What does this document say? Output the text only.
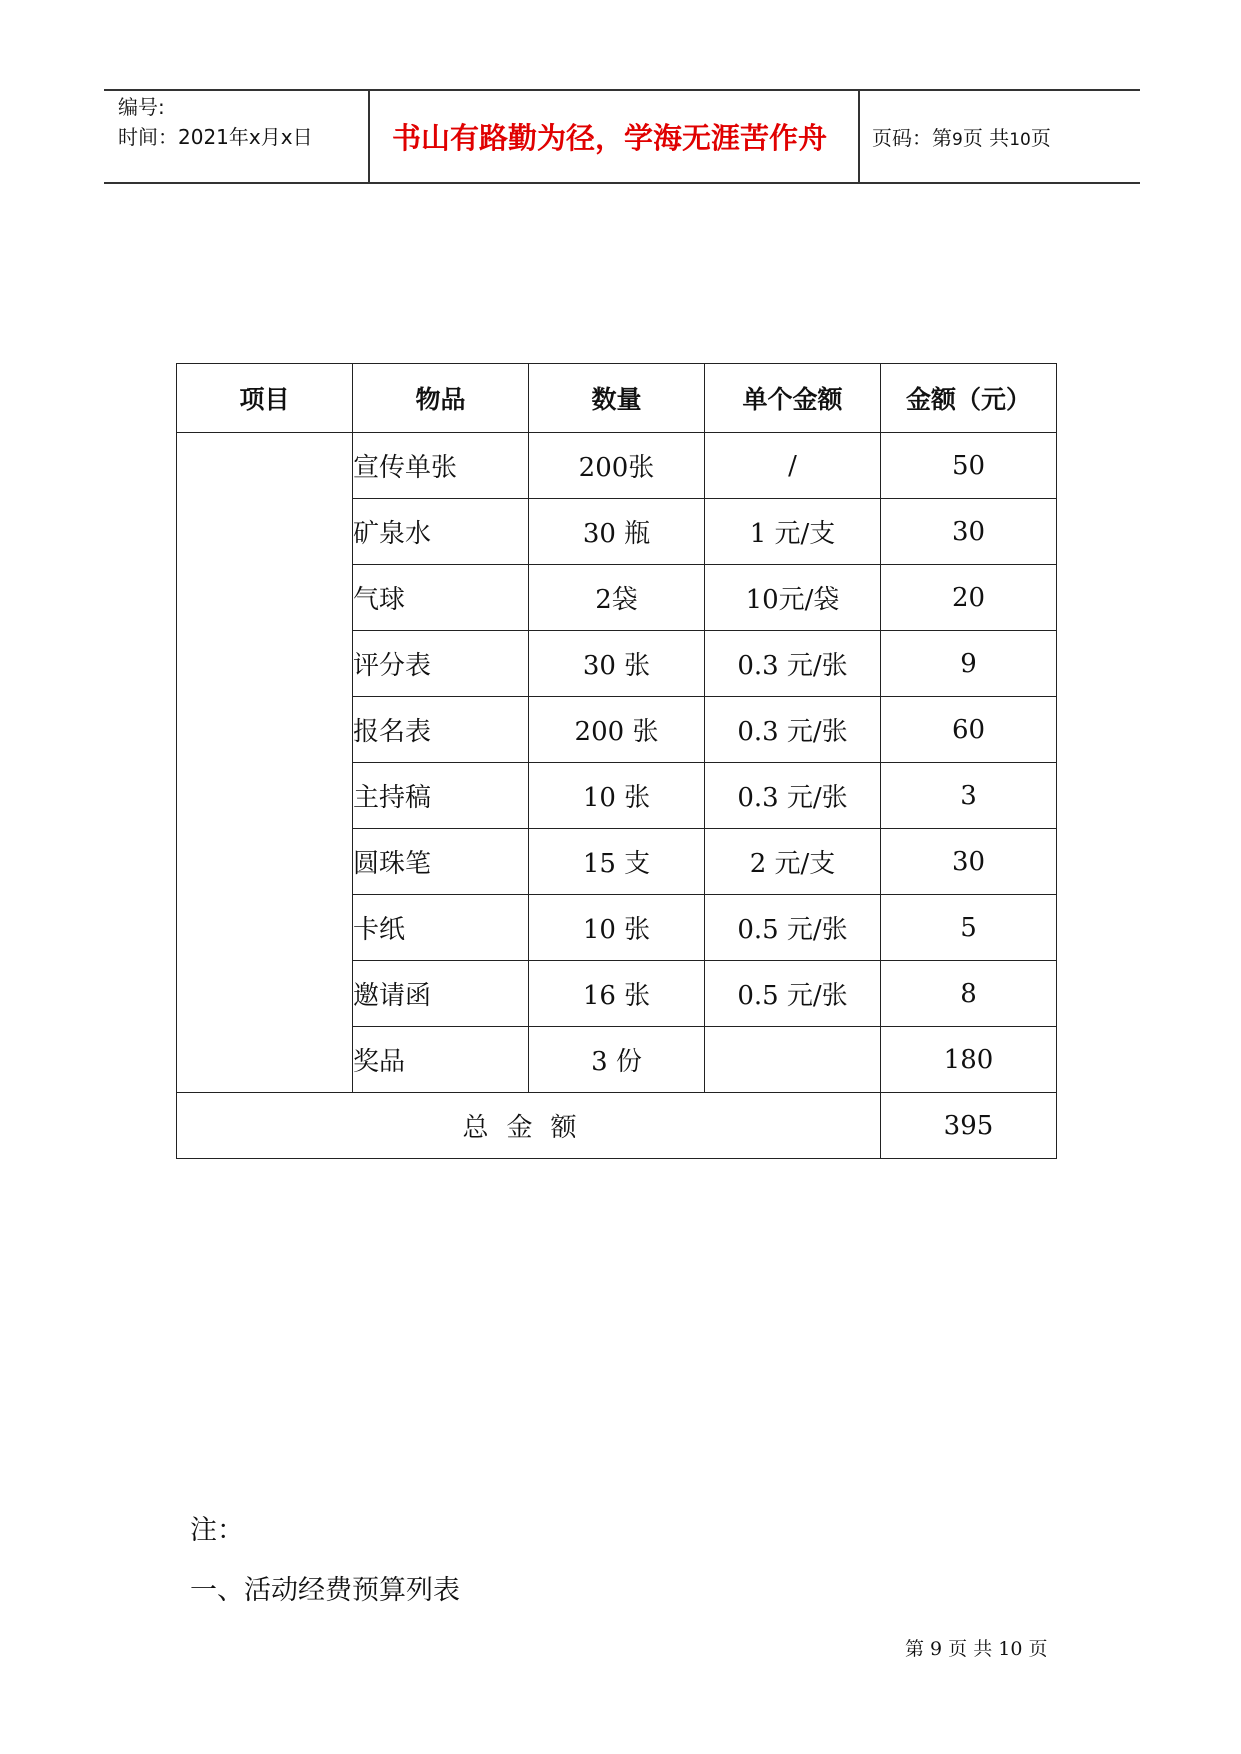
编号:
时间：2021年x月x日	书山有路勤为径，学海无涯苦作舟 页码：第9页 共10页
项目	物品	数量	单个金额	金额（元）
	宣传单张	200张	/	50
	矿泉水	30 瓶	1 元/支	30
	气球	2袋	10元/袋	20
	评分表	30 张	0.3 元/张	9
	报名表	200 张	0.3 元/张	60
	主持稿	10 张	0.3 元/张	3
	圆珠笔	15 支	2 元/支	30
	卡纸	10 张	0.5 元/张	5
	邀请函	16 张	0.5 元/张	8
	奖品	3 份		180
总金额				395
注：
一、活动经费预算列表
第 9 页 共 10 页
